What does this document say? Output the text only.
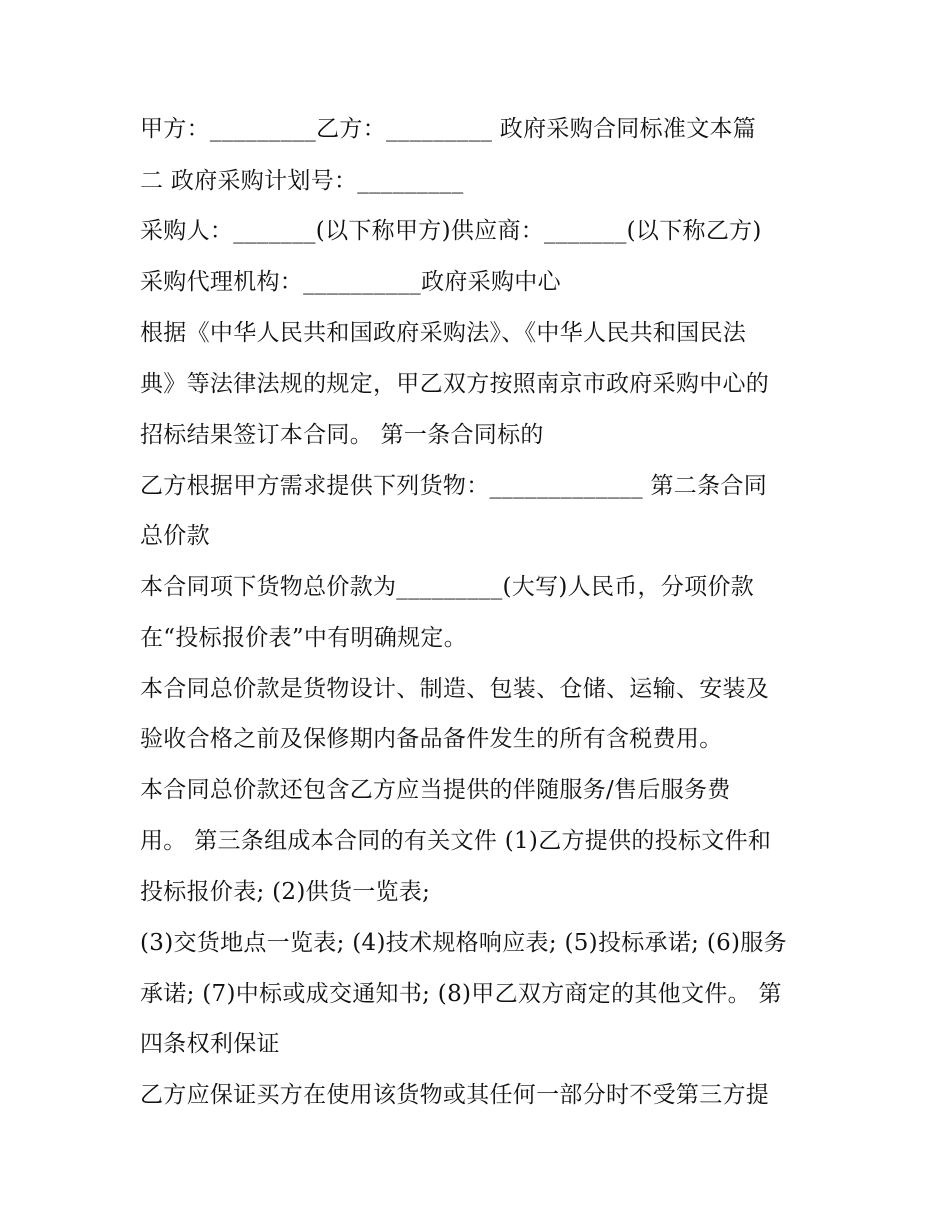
甲方：_________乙方：_________ 政府采购合同标准文本篇
二 政府采购计划号：_________
采购人：_______(以下称甲方)供应商：_______(以下称乙方)
采购代理机构：__________政府采购中心
根据《中华人民共和国政府采购法》、《中华人民共和国民法
典》等法律法规的规定，甲乙双方按照南京市政府采购中心的
招标结果签订本合同。 第一条合同标的
乙方根据甲方需求提供下列货物：_____________ 第二条合同
总价款
本合同项下货物总价款为_________(大写)人民币，分项价款
在“投标报价表”中有明确规定。
本合同总价款是货物设计、制造、包装、仓储、运输、安装及
验收合格之前及保修期内备品备件发生的所有含税费用。
本合同总价款还包含乙方应当提供的伴随服务/售后服务费
用。 第三条组成本合同的有关文件 (1)乙方提供的投标文件和
投标报价表; (2)供货一览表;
(3)交货地点一览表; (4)技术规格响应表; (5)投标承诺; (6)服务
承诺; (7)中标或成交通知书; (8)甲乙双方商定的其他文件。 第
四条权利保证
乙方应保证买方在使用该货物或其任何一部分时不受第三方提
